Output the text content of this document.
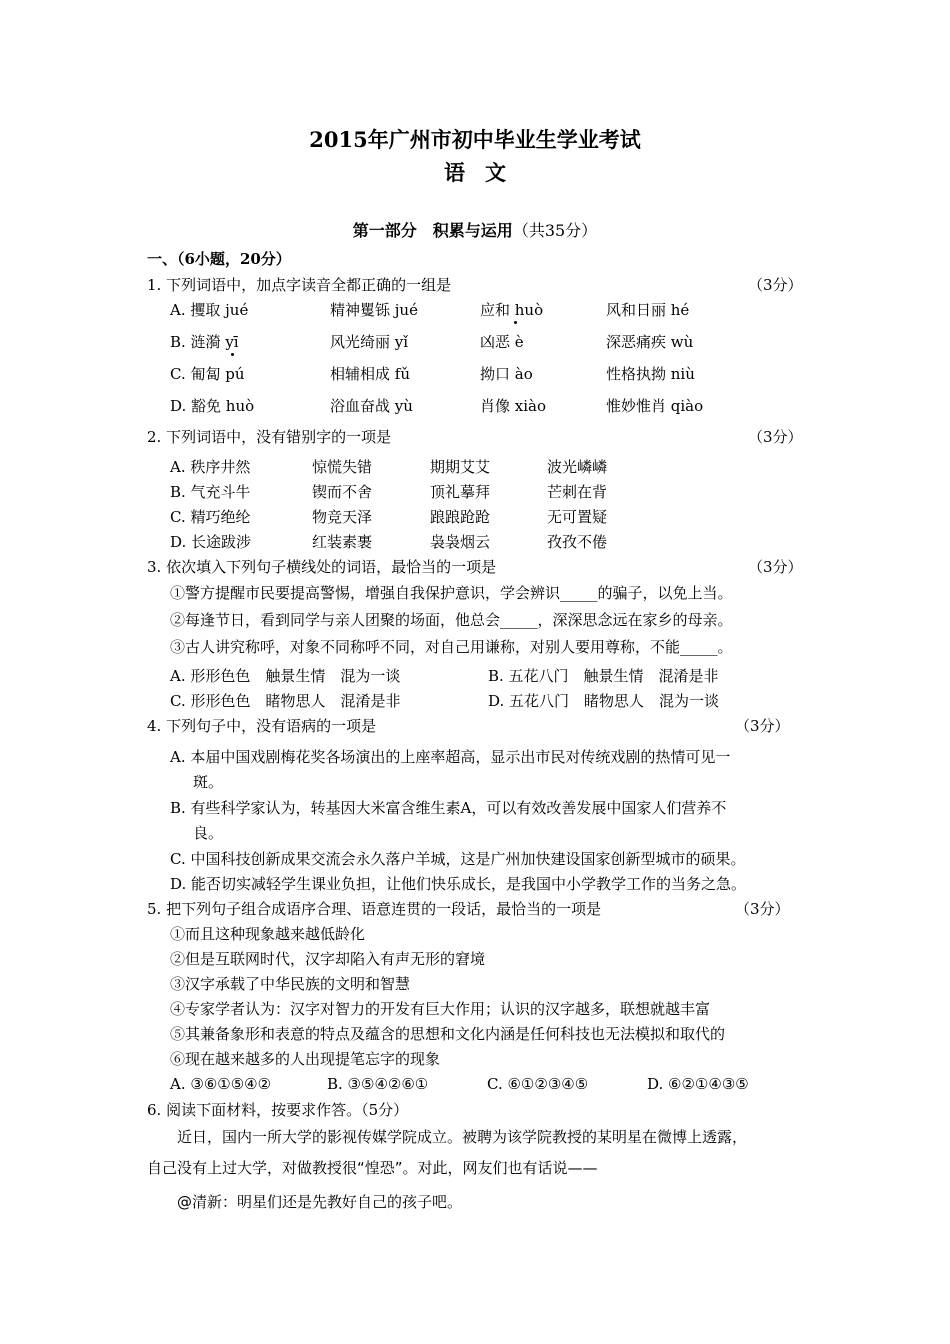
2015年广州市初中毕业生学业考试
语文
第一部分　积累与运用（共35分）
一、（6小题，20分）
1. 下列词语中，加点字读音全都正确的一组是	（3分）
A. 攫取 jué	精神矍铄 jué	应和 huò	风和日丽 hé
B. 涟漪 yī	风光绮丽 yǐ	凶恶 è	深恶痛疾 wù
C. 匍匐 pú	相辅相成 fǔ	拗口 ào	性格执拗 niù
D. 豁免 huò	浴血奋战 yù	肖像 xiào	惟妙惟肖 qiào
2. 下列词语中，没有错别字的一项是	（3分）
A. 秩序井然	惊慌失错	期期艾艾	波光嶙嶙
B. 气充斗牛	锲而不舍	顶礼摹拜	芒刺在背
C. 精巧绝纶	物竞天泽	踉踉跄跄	无可置疑
D. 长途跋涉	红装素裹	袅袅烟云	孜孜不倦
3. 依次填入下列句子横线处的词语，最恰当的一项是	（3分）
①警方提醒市民要提高警惕，增强自我保护意识，学会辨识_____的骗子，以免上当。
②每逢节日，看到同学与亲人团聚的场面，他总会_____，深深思念远在家乡的母亲。
③古人讲究称呼，对象不同称呼不同，对自己用谦称，对别人要用尊称，不能_____。
A. 形形色色　触景生情　混为一谈	B. 五花八门　触景生情　混淆是非
C. 形形色色　睹物思人　混淆是非	D. 五花八门　睹物思人　混为一谈
4. 下列句子中，没有语病的一项是	（3分）
A. 本届中国戏剧梅花奖各场演出的上座率超高，显示出市民对传统戏剧的热情可见一
斑。
B. 有些科学家认为，转基因大米富含维生素A，可以有效改善发展中国家人们营养不
良。
C. 中国科技创新成果交流会永久落户羊城，这是广州加快建设国家创新型城市的硕果。
D. 能否切实减轻学生课业负担，让他们快乐成长，是我国中小学教学工作的当务之急。
5. 把下列句子组合成语序合理、语意连贯的一段话，最恰当的一项是	（3分）
①而且这种现象越来越低龄化
②但是互联网时代，汉字却陷入有声无形的窘境
③汉字承载了中华民族的文明和智慧
④专家学者认为：汉字对智力的开发有巨大作用；认识的汉字越多，联想就越丰富
⑤其兼备象形和表意的特点及蕴含的思想和文化内涵是任何科技也无法模拟和取代的
⑥现在越来越多的人出现提笔忘字的现象
A. ③⑥①⑤④②	B. ③⑤④②⑥①	C. ⑥①②③④⑤	D. ⑥②①④③⑤
6. 阅读下面材料，按要求作答。（5分）
近日，国内一所大学的影视传媒学院成立。被聘为该学院教授的某明星在微博上透露，
自己没有上过大学，对做教授很“惶恐”。对此，网友们也有话说——
@清新：明星们还是先教好自己的孩子吧。
